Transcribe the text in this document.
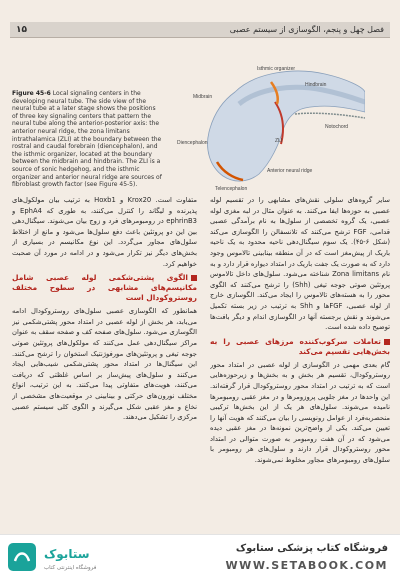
۱۵	فصل چهل و پنجم، الگوسازی از سیستم عصبی
Isthmic organizer
Hindbrain
Midbrain
ZLI
Notochord
Diencephalon
Anterior neural ridge
Telencephalon
Figure 45-6 Local signaling centers in the developing neural tube. The side view of the neural tube at a later stage shows the positions of three key signaling centers that pattern the neural tube along the anterior-posterior axis: the anterior neural ridge, the zona limitans intrathalamica (ZLI) at the boundary between the rostral and caudal forebrain (diencephalon), and the isthmic organizer, located at the boundary between the midbrain and hindbrain. The ZLI is a source of sonic hedgehog, and the isthmic organizer and anterior neural ridge are sources of fibroblast growth factor (see Figure 45-5).

سایر گروه‌های سلولی نقش‌های مشابهی را در تقسیم لوله عصبی به حوزه‌ها ایفا می‌کنند. به عنوان مثال در لبه مغزی لوله عصبی، یک گروه تخصصی از سلول‌ها به نام برآمدگی عصبی قدامی، FGF ترشح می‌کنند که تلانسفالن را الگوسازی می‌کند (شکل ۶-۴۵). یک سوم سیگنال‌دهی ناحیه محدود به یک ناحیه باریک از پیش‌مغز است که در آن منطقه بینابینی تالاموس وجود دارد که به صورت یک جفت باریک در امتداد دیواره قرار دارد و به نام Zona limitans شناخته می‌شود. سلول‌های داخل تالاموس پروتئین صوتی جوجه تیغی (Shh) را ترشح می‌کنند که الگوی محور را به هسته‌های تالاموس را ایجاد می‌کند. الگوسازی خارج از لوله عصبی، FGFها و Shh به ترتیب در زیر بسته تکمیل می‌شوند و نقش برجسته آنها در الگوسازی اندام و دیگر بافت‌ها توضیح داده شده است.

تعاملات سرکوب‌کننده مرزهای عصبی را به بخش‌هایی تقسیم می‌کند

گام بعدی مهمی در الگوسازی از لوله عصبی در امتداد محور روستروکودال، تقسیم هر بخش و به بخش‌ها و زیرحوزه‌هایی است که به ترتیب در امتداد محور روستروکودال قرار گرفته‌اند. این واحدها در مغز جلویی پروزومرها و در مغز عقبی رومبومرها نامیده می‌شوند. سلول‌های هر یک از این بخش‌ها ترکیبی منحصربه‌فرد از عوامل رونویسی را بیان می‌کنند که هویت آنها را تعیین می‌کند. یکی از واضح‌ترین نمونه‌ها در مغز عقبی دیده می‌شود که در آن هفت رومبومر به صورت متوالی در امتداد محور روستروکودال قرار دارند و سلول‌های هر رومبومر با سلول‌های رومبومرهای مجاور مخلوط نمی‌شوند.

متفاوت است. Krox20 و Hoxb1 به ترتیب بیان مولکول‌های پذیرنده و لیگاند را کنترل می‌کنند، به طوری که EphA4 و ephrinB3 در رومبومرهای فرد و زوج بیان می‌شوند. سیگنال‌دهی بین این دو پروتئین باعث دفع سلول‌ها می‌شود و مانع از اختلاط سلول‌های مجاور می‌گردد. این نوع مکانیسم در بسیاری از بخش‌های دیگر نیز تکرار می‌شود و در ادامه در مورد آن صحبت خواهیم کرد.

الگوی پشتی‌شکمی لوله عصبی شامل مکانیسم‌های مشابهی در سطوح مختلف روستروکودال است

همانطور که الگوسازی عصبی سلول‌های روستروکودال ادامه می‌یابد، هر بخش از لوله عصبی در امتداد محور پشتی‌شکمی نیز الگوسازی می‌شود. سلول‌های صفحه کف و صفحه سقف به عنوان مراکز سیگنال‌دهی عمل می‌کنند که مولکول‌های پروتئین صوتی جوجه تیغی و پروتئین‌های مورفوژنتیک استخوان را ترشح می‌کنند. این سیگنال‌ها در امتداد محور پشتی‌شکمی شیب‌هایی ایجاد می‌کنند و سلول‌های پیش‌ساز بر اساس غلظتی که دریافت می‌کنند، هویت‌های متفاوتی پیدا می‌کنند. به این ترتیب، انواع مختلف نورون‌های حرکتی و بینابینی در موقعیت‌های مشخصی از نخاع و مغز عقبی شکل می‌گیرند و الگوی کلی سیستم عصبی مرکزی را تشکیل می‌دهند.

ستابوک
فروشگاه اینترنتی کتاب
فروشگاه کتاب پزشکی ستابوک
WWW.SETABOOK.COM
